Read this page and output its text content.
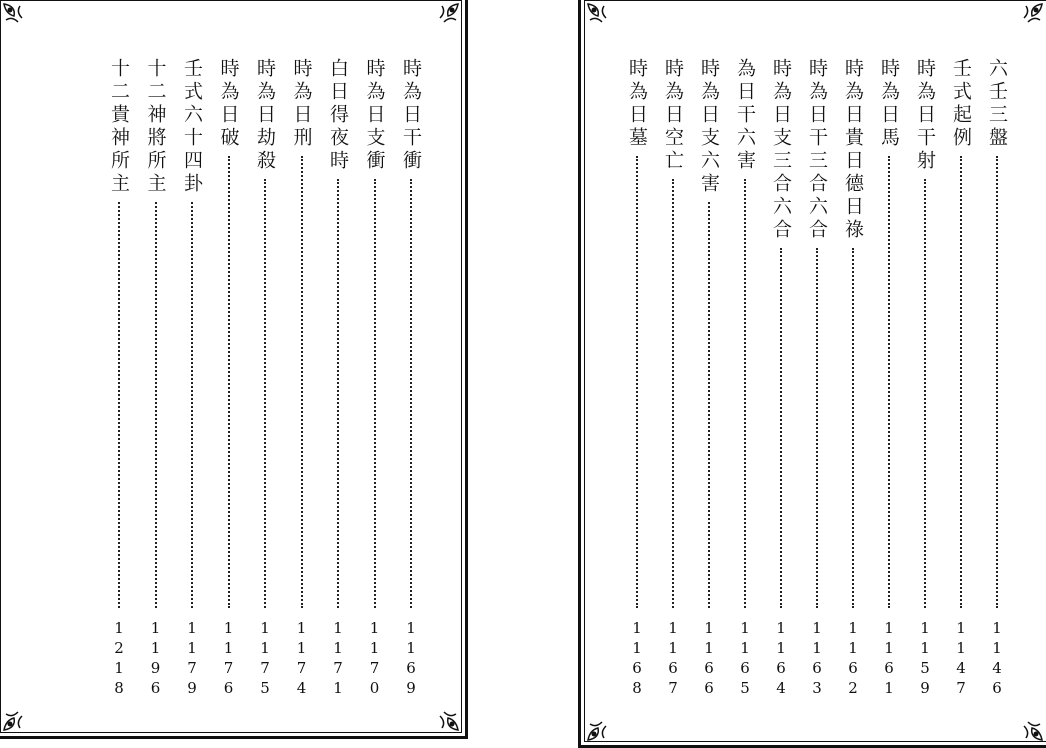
時為日干衝
1
1
6
9
時為日支衝
1
1
7
0
白日得夜時
1
1
7
1
時為日刑
1
1
7
4
時為日劫殺
1
1
7
5
時為日破
1
1
7
6
壬式六十四卦
1
1
7
9
十二神將所主
1
1
9
6
十二貴神所主
1
2
1
8
六壬三盤
1
1
4
6
壬式起例
1
1
4
7
時為日干射
1
1
5
9
時為日馬
1
1
6
1
時為日貴日德日祿
1
1
6
2
時為日干三合六合
1
1
6
3
時為日支三合六合
1
1
6
4
為日干六害
1
1
6
5
時為日支六害
1
1
6
6
時為日空亡
1
1
6
7
時為日墓
1
1
6
8
